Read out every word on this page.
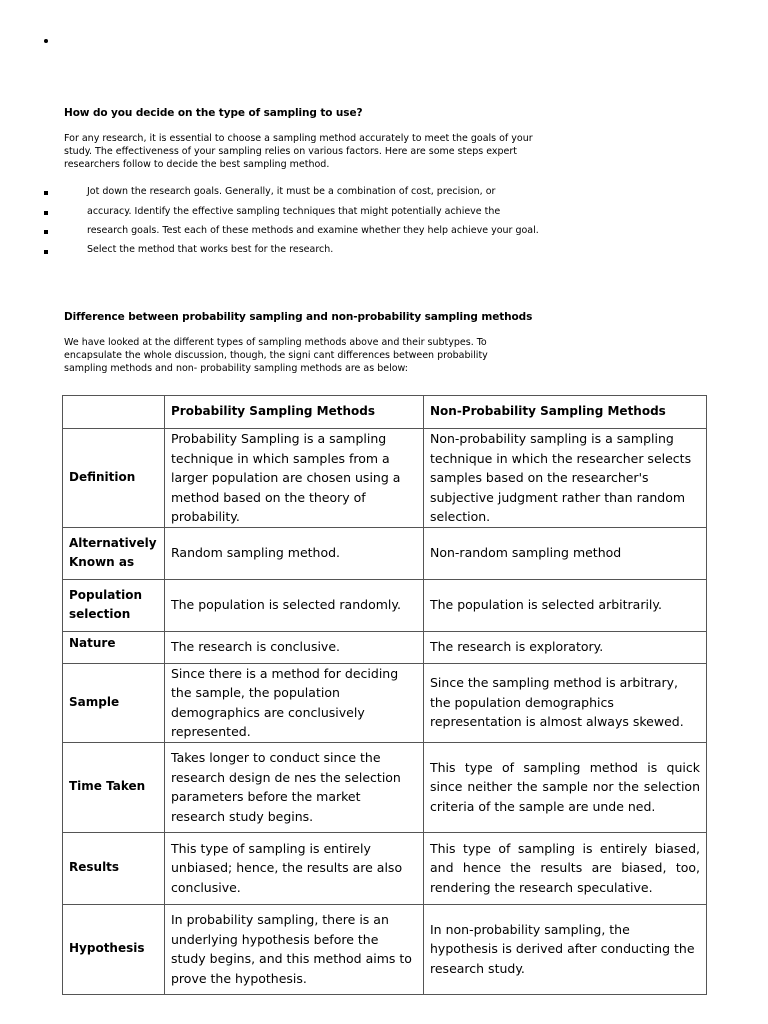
How do you decide on the type of sampling to use?
For any research, it is essential to choose a sampling method accurately to meet the goals of your study. The effectiveness of your sampling relies on various factors. Here are some steps expert researchers follow to decide the best sampling method.
Jot down the research goals. Generally, it must be a combination of cost, precision, or
accuracy. Identify the effective sampling techniques that might potentially achieve the
research goals. Test each of these methods and examine whether they help achieve your goal.
Select the method that works best for the research.
Difference between probability sampling and non-probability sampling methods
We have looked at the different types of sampling methods above and their subtypes. To encapsulate the whole discussion, though, the signi cant differences between probability sampling methods and non- probability sampling methods are as below:
	Probability Sampling Methods	Non-Probability Sampling Methods
Definition	Probability Sampling is a sampling technique in which samples from a larger population are chosen using a method based on the theory of probability.	Non-probability sampling is a sampling technique in which the researcher selects samples based on the researcher's subjective judgment rather than random selection.
Alternatively Known as	Random sampling method.	Non-random sampling method
Population selection	The population is selected randomly.	The population is selected arbitrarily.
Nature	The research is conclusive.	The research is exploratory.
Sample	Since there is a method for deciding the sample, the population demographics are conclusively represented.	Since the sampling method is arbitrary, the population demographics representation is almost always skewed.
Time Taken	Takes longer to conduct since the research design de nes the selection parameters before the market research study begins.	This type of sampling method is quick since neither the sample nor the selection criteria of the sample are unde ned.
Results	This type of sampling is entirely unbiased; hence, the results are also conclusive.	This type of sampling is entirely biased, and hence the results are biased, too, rendering the research speculative.
Hypothesis	In probability sampling, there is an underlying hypothesis before the study begins, and this method aims to prove the hypothesis.	In non-probability sampling, the hypothesis is derived after conducting the research study.
